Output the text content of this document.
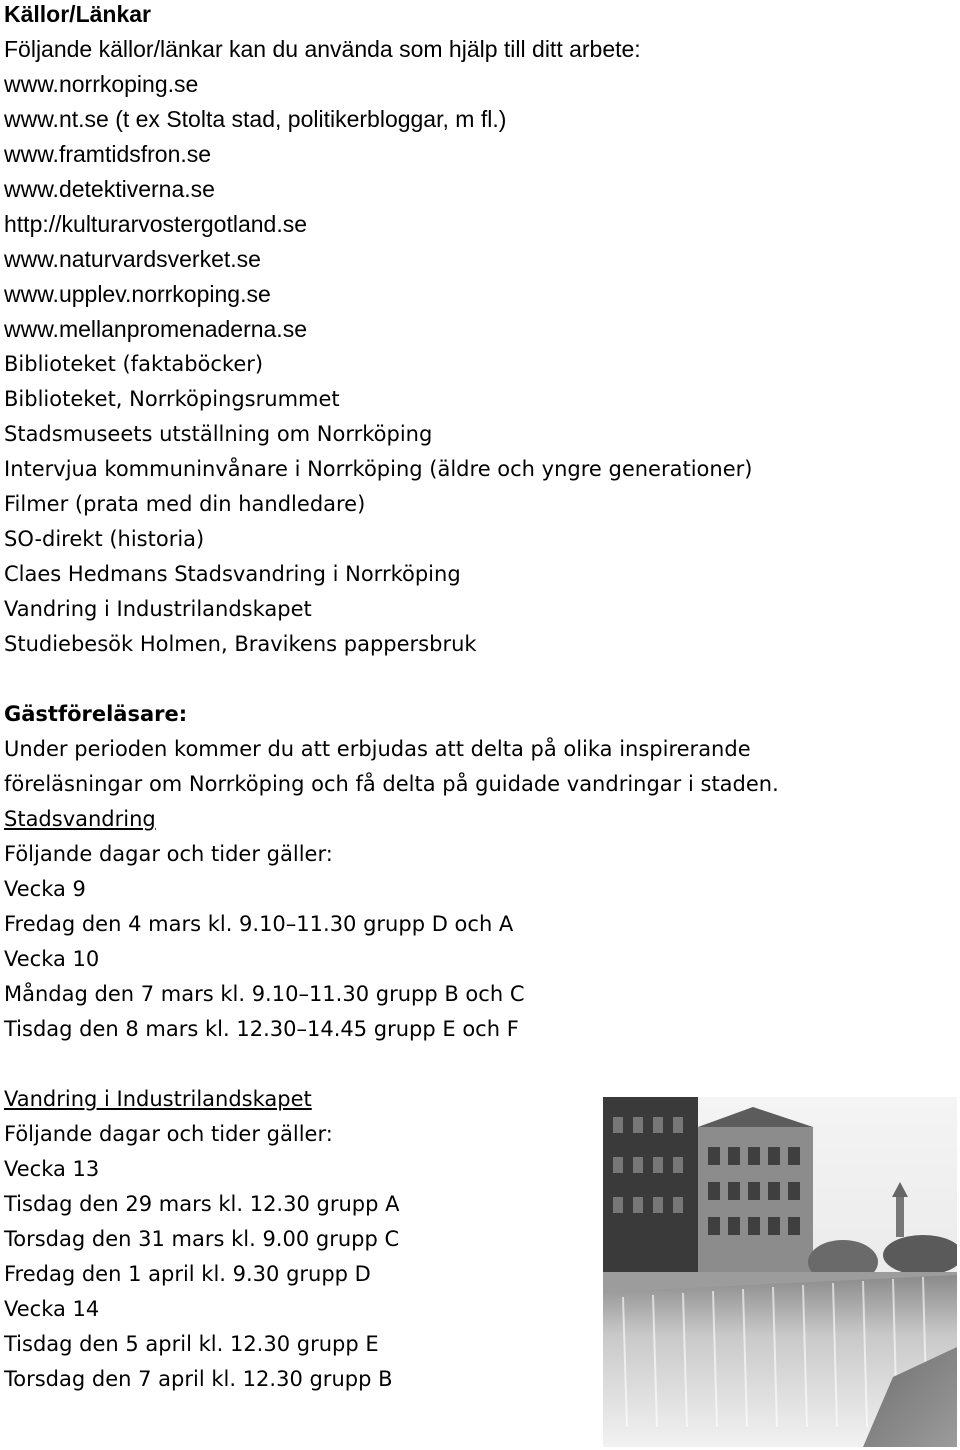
Källor/Länkar
Följande källor/länkar kan du använda som hjälp till ditt arbete:
www.norrkoping.se
www.nt.se (t ex Stolta stad, politikerbloggar, m fl.)
www.framtidsfron.se
www.detektiverna.se
http://kulturarvostergotland.se
www.naturvardsverket.se
www.upplev.norrkoping.se
www.mellanpromenaderna.se
Biblioteket (faktaböcker)
Biblioteket, Norrköpingsrummet
Stadsmuseets utställning om Norrköping
Intervjua kommuninvånare i Norrköping (äldre och yngre generationer)
Filmer (prata med din handledare)
SO-direkt (historia)
Claes Hedmans Stadsvandring i Norrköping
Vandring i Industrilandskapet
Studiebesök Holmen, Bravikens pappersbruk
Gästföreläsare:
Under perioden kommer du att erbjudas att delta på olika inspirerande
föreläsningar om Norrköping och få delta på guidade vandringar i staden.
Stadsvandring
Följande dagar och tider gäller:
Vecka 9
Fredag den 4 mars kl. 9.10–11.30 grupp D och A
Vecka 10
Måndag den 7 mars kl. 9.10–11.30 grupp B och C
Tisdag den 8 mars kl. 12.30–14.45 grupp E och F
Vandring i Industrilandskapet
Följande dagar och tider gäller:
Vecka 13
Tisdag den 29 mars kl. 12.30 grupp A
Torsdag den 31 mars kl. 9.00 grupp C
Fredag den 1 april kl. 9.30 grupp D
Vecka 14
Tisdag den 5 april kl. 12.30 grupp E
Torsdag den 7 april kl. 12.30 grupp B
